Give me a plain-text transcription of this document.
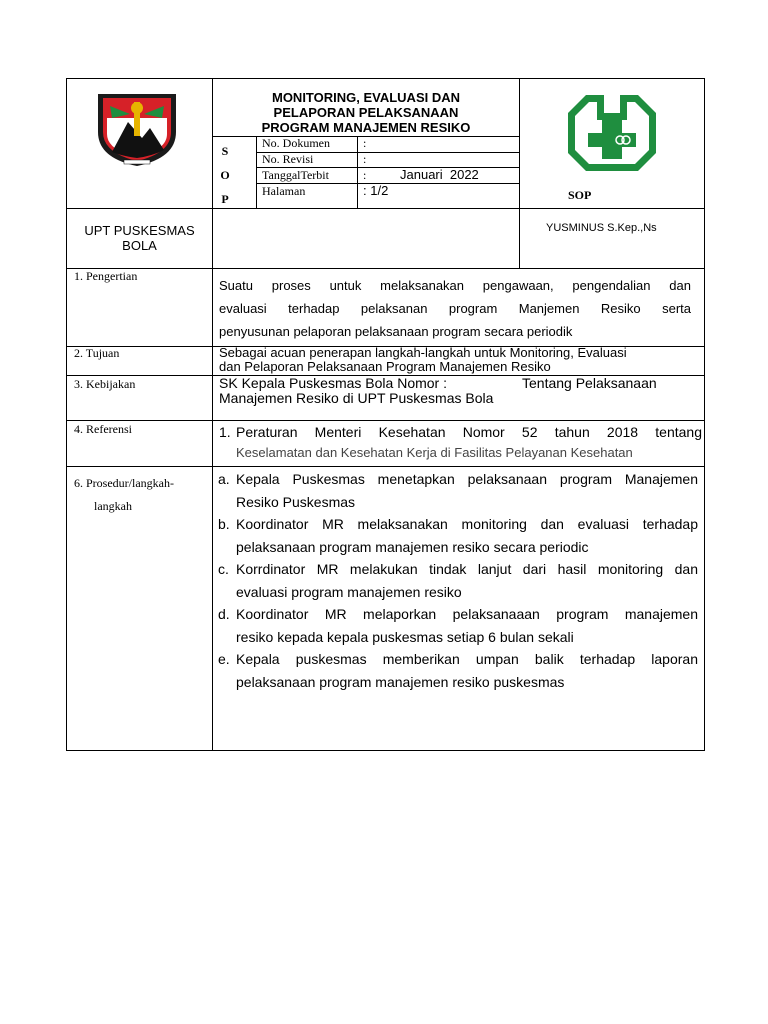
MONITORING, EVALUASI DAN
PELAPORAN PELAKSANAAN
PROGRAM MANAJEMEN RESIKO
S
O
P
No. Dokumen	:
No. Revisi	:
TanggalTerbit	:	Januari  2022
Halaman	: 1/2	SOP
UPT PUSKESMAS
BOLA
YUSMINUS S.Kep.,Ns
1. Pengertian
Suatu proses untuk melaksanakan pengawaan, pengendalian dan
evaluasi terhadap pelaksanan program Manjemen Resiko serta
penyusunan pelaporan pelaksanaan program secara periodik
2. Tujuan	Sebagai acuan penerapan langkah-langkah untuk Monitoring, Evaluasi
dan Pelaporan Pelaksanaan Program Manajemen Resiko
3. Kebijakan	SK Kepala Puskesmas Bola Nomor :	Tentang Pelaksanaan
Manajemen Resiko di UPT Puskesmas Bola
4. Referensi	1. Peraturan Menteri Kesehatan Nomor 52 tahun 2018 tentang
Keselamatan dan Kesehatan Kerja di Fasilitas Pelayanan Kesehatan
6. Prosedur/langkah-
langkah
a. Kepala Puskesmas menetapkan pelaksanaan program Manajemen
Resiko Puskesmas
b. Koordinator MR melaksanakan monitoring dan evaluasi terhadap
pelaksanaan program manajemen resiko secara periodic
c. Korrdinator MR melakukan tindak lanjut dari hasil monitoring dan
evaluasi program manajemen resiko
d. Koordinator MR melaporkan pelaksanaaan program manajemen
resiko kepada kepala puskesmas setiap 6 bulan sekali
e. Kepala puskesmas memberikan umpan balik terhadap laporan
pelaksanaan program manajemen resiko puskesmas
